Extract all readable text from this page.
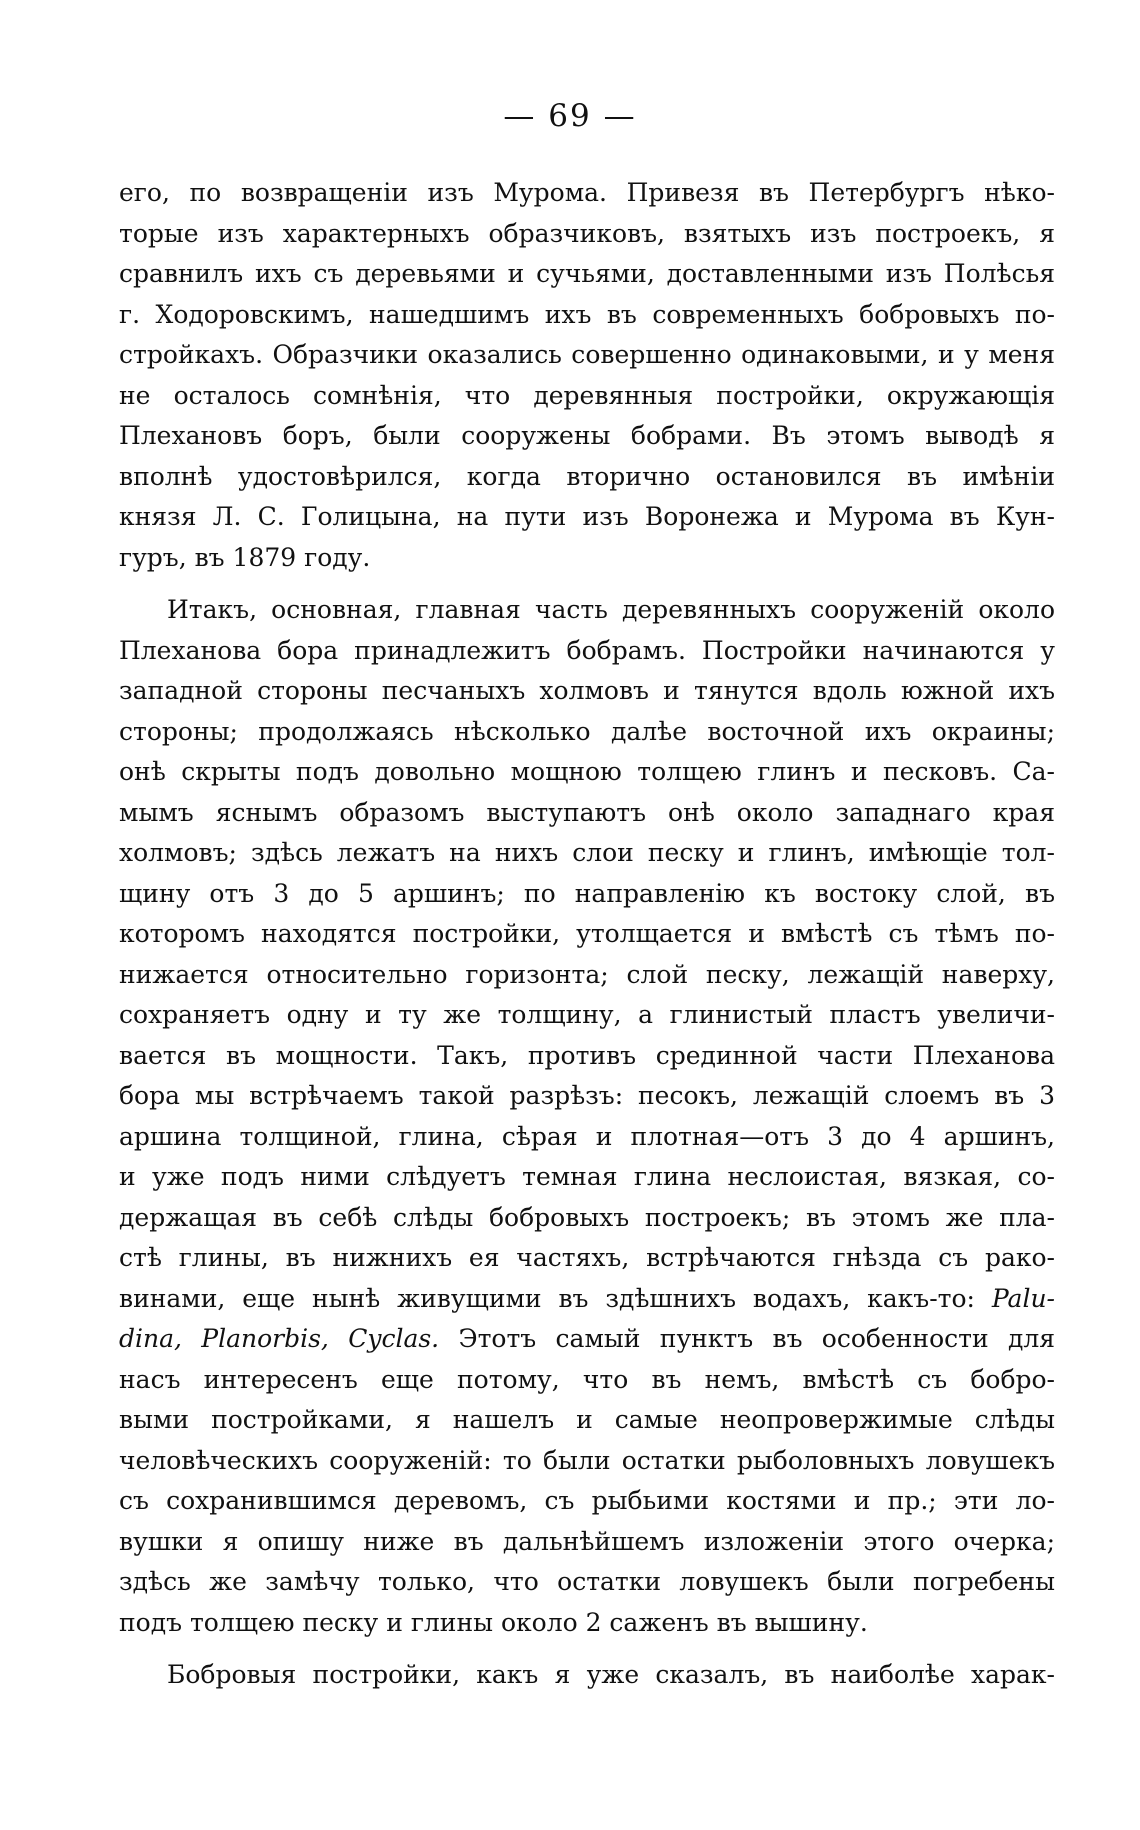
— 69 —
его, по возвращеніи изъ Мурома. Привезя въ Петербургъ нѣко-
торые изъ характерныхъ образчиковъ, взятыхъ изъ построекъ, я
сравнилъ ихъ съ деревьями и сучьями, доставленными изъ Полѣсья
г. Ходоровскимъ, нашедшимъ ихъ въ современныхъ бобровыхъ по-
стройкахъ. Образчики оказались совершенно одинаковыми, и у меня
не осталось сомнѣнія, что деревянныя постройки, окружающія
Плехановъ боръ, были сооружены бобрами. Въ этомъ выводѣ я
вполнѣ удостовѣрился, когда вторично остановился въ имѣніи
князя Л. С. Голицына, на пути изъ Воронежа и Мурома въ Кун-
гуръ, въ 1879 году.
Итакъ, основная, главная часть деревянныхъ сооруженій около
Плеханова бора принадлежитъ бобрамъ. Постройки начинаются у
западной стороны песчаныхъ холмовъ и тянутся вдоль южной ихъ
стороны; продолжаясь нѣсколько далѣе восточной ихъ окраины;
онѣ скрыты подъ довольно мощною толщею глинъ и песковъ. Са-
мымъ яснымъ образомъ выступаютъ онѣ около западнаго края
холмовъ; здѣсь лежатъ на нихъ слои песку и глинъ, имѣющіе тол-
щину отъ 3 до 5 аршинъ; по направленію къ востоку слой, въ
которомъ находятся постройки, утолщается и вмѣстѣ съ тѣмъ по-
нижается относительно горизонта; слой песку, лежащій наверху,
сохраняетъ одну и ту же толщину, а глинистый пластъ увеличи-
вается въ мощности. Такъ, противъ срединной части Плеханова
бора мы встрѣчаемъ такой разрѣзъ: песокъ, лежащій слоемъ въ 3
аршина толщиной, глина, сѣрая и плотная—отъ 3 до 4 аршинъ,
и уже подъ ними слѣдуетъ темная глина неслоистая, вязкая, со-
держащая въ себѣ слѣды бобровыхъ построекъ; въ этомъ же пла-
стѣ глины, въ нижнихъ ея частяхъ, встрѣчаются гнѣзда съ рако-
винами, еще нынѣ живущими въ здѣшнихъ водахъ, какъ-то: Palu-
dina, Planorbis, Cyclas. Этотъ самый пунктъ въ особенности для
насъ интересенъ еще потому, что въ немъ, вмѣстѣ съ бобро-
выми постройками, я нашелъ и самые неопровержимые слѣды
человѣческихъ сооруженій: то были остатки рыболовныхъ ловушекъ
съ сохранившимся деревомъ, съ рыбьими костями и пр.; эти ло-
вушки я опишу ниже въ дальнѣйшемъ изложеніи этого очерка;
здѣсь же замѣчу только, что остатки ловушекъ были погребены
подъ толщею песку и глины около 2 саженъ въ вышину.
Бобровыя постройки, какъ я уже сказалъ, въ наиболѣе харак-
